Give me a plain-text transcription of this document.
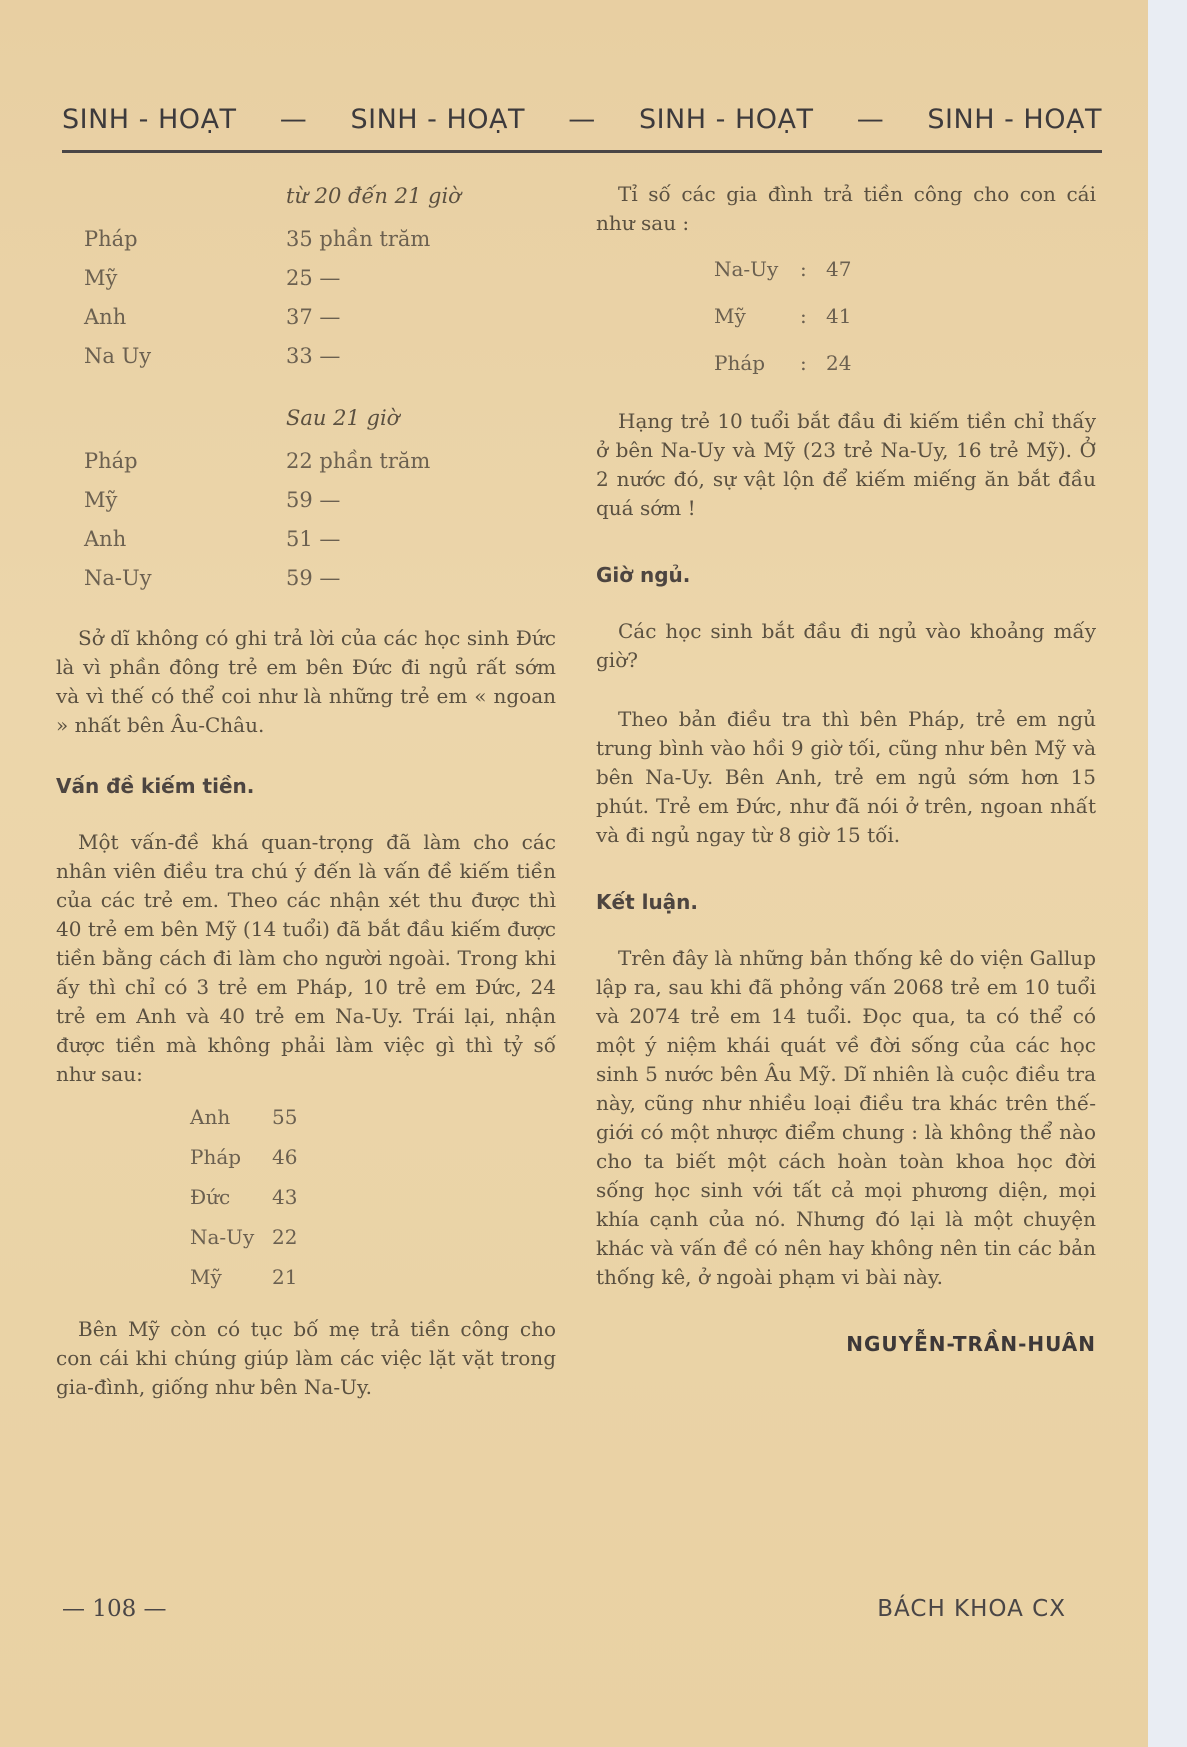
SINH - HOẠT — SINH - HOẠT — SINH - HOẠT — SINH - HOẠT
từ 20 đến 21 giờ
Pháp	35 phần trăm
Mỹ	25 —
Anh	37 —
Na Uy	33 —
Sau 21 giờ
Pháp	22 phần trăm
Mỹ	59 —
Anh	51 —
Na-Uy	59 —

Sở dĩ không có ghi trả lời của các học sinh Đức là vì phần đông trẻ em bên Đức đi ngủ rất sớm và vì thế có thể coi như là những trẻ em « ngoan » nhất bên Âu-Châu.

Vấn đề kiếm tiền.

Một vấn-đề khá quan-trọng đã làm cho các nhân viên điều tra chú ý đến là vấn đề kiếm tiền của các trẻ em. Theo các nhận xét thu được thì 40 trẻ em bên Mỹ (14 tuổi) đã bắt đầu kiếm được tiền bằng cách đi làm cho người ngoài. Trong khi ấy thì chỉ có 3 trẻ em Pháp, 10 trẻ em Đức, 24 trẻ em Anh và 40 trẻ em Na-Uy. Trái lại, nhận được tiền mà không phải làm việc gì thì tỷ số như sau:

Anh	55
Pháp	46
Đức	43
Na-Uy 22
Mỹ	21

Bên Mỹ còn có tục bố mẹ trả tiền công cho con cái khi chúng giúp làm các việc lặt vặt trong gia-đình, giống như bên Na-Uy.

Tỉ số các gia đình trả tiền công cho con cái như sau :

Na-Uy	: 47
Mỹ	: 41
Pháp	: 24

Hạng trẻ 10 tuổi bắt đầu đi kiếm tiền chỉ thấy ở bên Na-Uy và Mỹ (23 trẻ Na-Uy, 16 trẻ Mỹ). Ở 2 nước đó, sự vật lộn để kiếm miếng ăn bắt đầu quá sớm !

Giờ ngủ.

Các học sinh bắt đầu đi ngủ vào khoảng mấy giờ?

Theo bản điều tra thì bên Pháp, trẻ em ngủ trung bình vào hồi 9 giờ tối, cũng như bên Mỹ và bên Na-Uy. Bên Anh, trẻ em ngủ sớm hơn 15 phút. Trẻ em Đức, như đã nói ở trên, ngoan nhất và đi ngủ ngay từ 8 giờ 15 tối.

Kết luận.

Trên đây là những bản thống kê do viện Gallup lập ra, sau khi đã phỏng vấn 2068 trẻ em 10 tuổi và 2074 trẻ em 14 tuổi. Đọc qua, ta có thể có một ý niệm khái quát về đời sống của các học sinh 5 nước bên Âu Mỹ. Dĩ nhiên là cuộc điều tra này, cũng như nhiều loại điều tra khác trên thế-giới có một nhược điểm chung : là không thể nào cho ta biết một cách hoàn toàn khoa học đời sống học sinh với tất cả mọi phương diện, mọi khía cạnh của nó. Nhưng đó lại là một chuyện khác và vấn đề có nên hay không nên tin các bản thống kê, ở ngoài phạm vi bài này.

NGUYỄN-TRẦN-HUÂN

— 108 —	BÁCH KHOA CX
